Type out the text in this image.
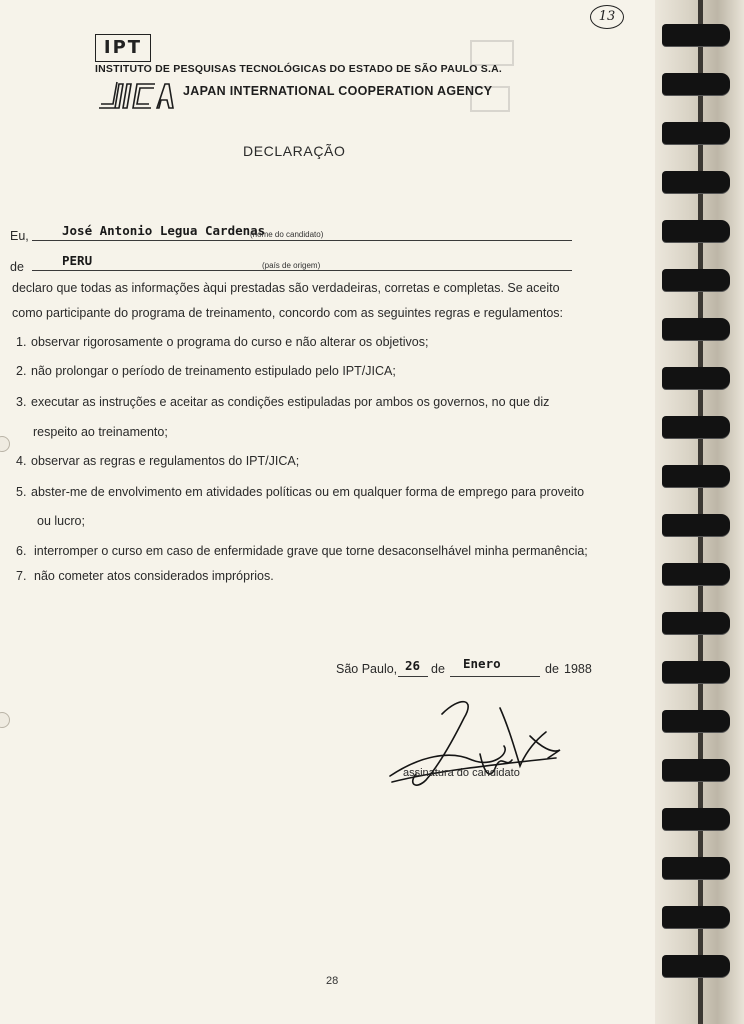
13
IPT
INSTITUTO DE PESQUISAS TECNOLÓGICAS DO ESTADO DE SÃO PAULO S.A.
JAPAN INTERNATIONAL COOPERATION AGENCY
DECLARAÇÃO
Eu,	José Antonio Legua Cardenas
(nome do candidato)
de	PERU	(país de origem)
declaro que todas as informações àqui prestadas são verdadeiras, corretas e completas. Se aceito
como participante do programa de treinamento, concordo com as seguintes regras e regulamentos:
1. observar rigorosamente o programa do curso e não alterar os objetivos;
2. não prolongar o período de treinamento estipulado pelo IPT/JICA;
3. executar as instruções e aceitar as condições estipuladas por ambos os governos, no que diz
respeito ao treinamento;
4. observar as regras e regulamentos do IPT/JICA;
5. abster-me de envolvimento em atividades políticas ou em qualquer forma de emprego para proveito
ou lucro;
6. interromper o curso em caso de enfermidade grave que torne desaconselhável minha permanência;
7. não cometer atos considerados impróprios.
São Paulo, 26 de Enero	de 1988
assinatura do candidato
28
